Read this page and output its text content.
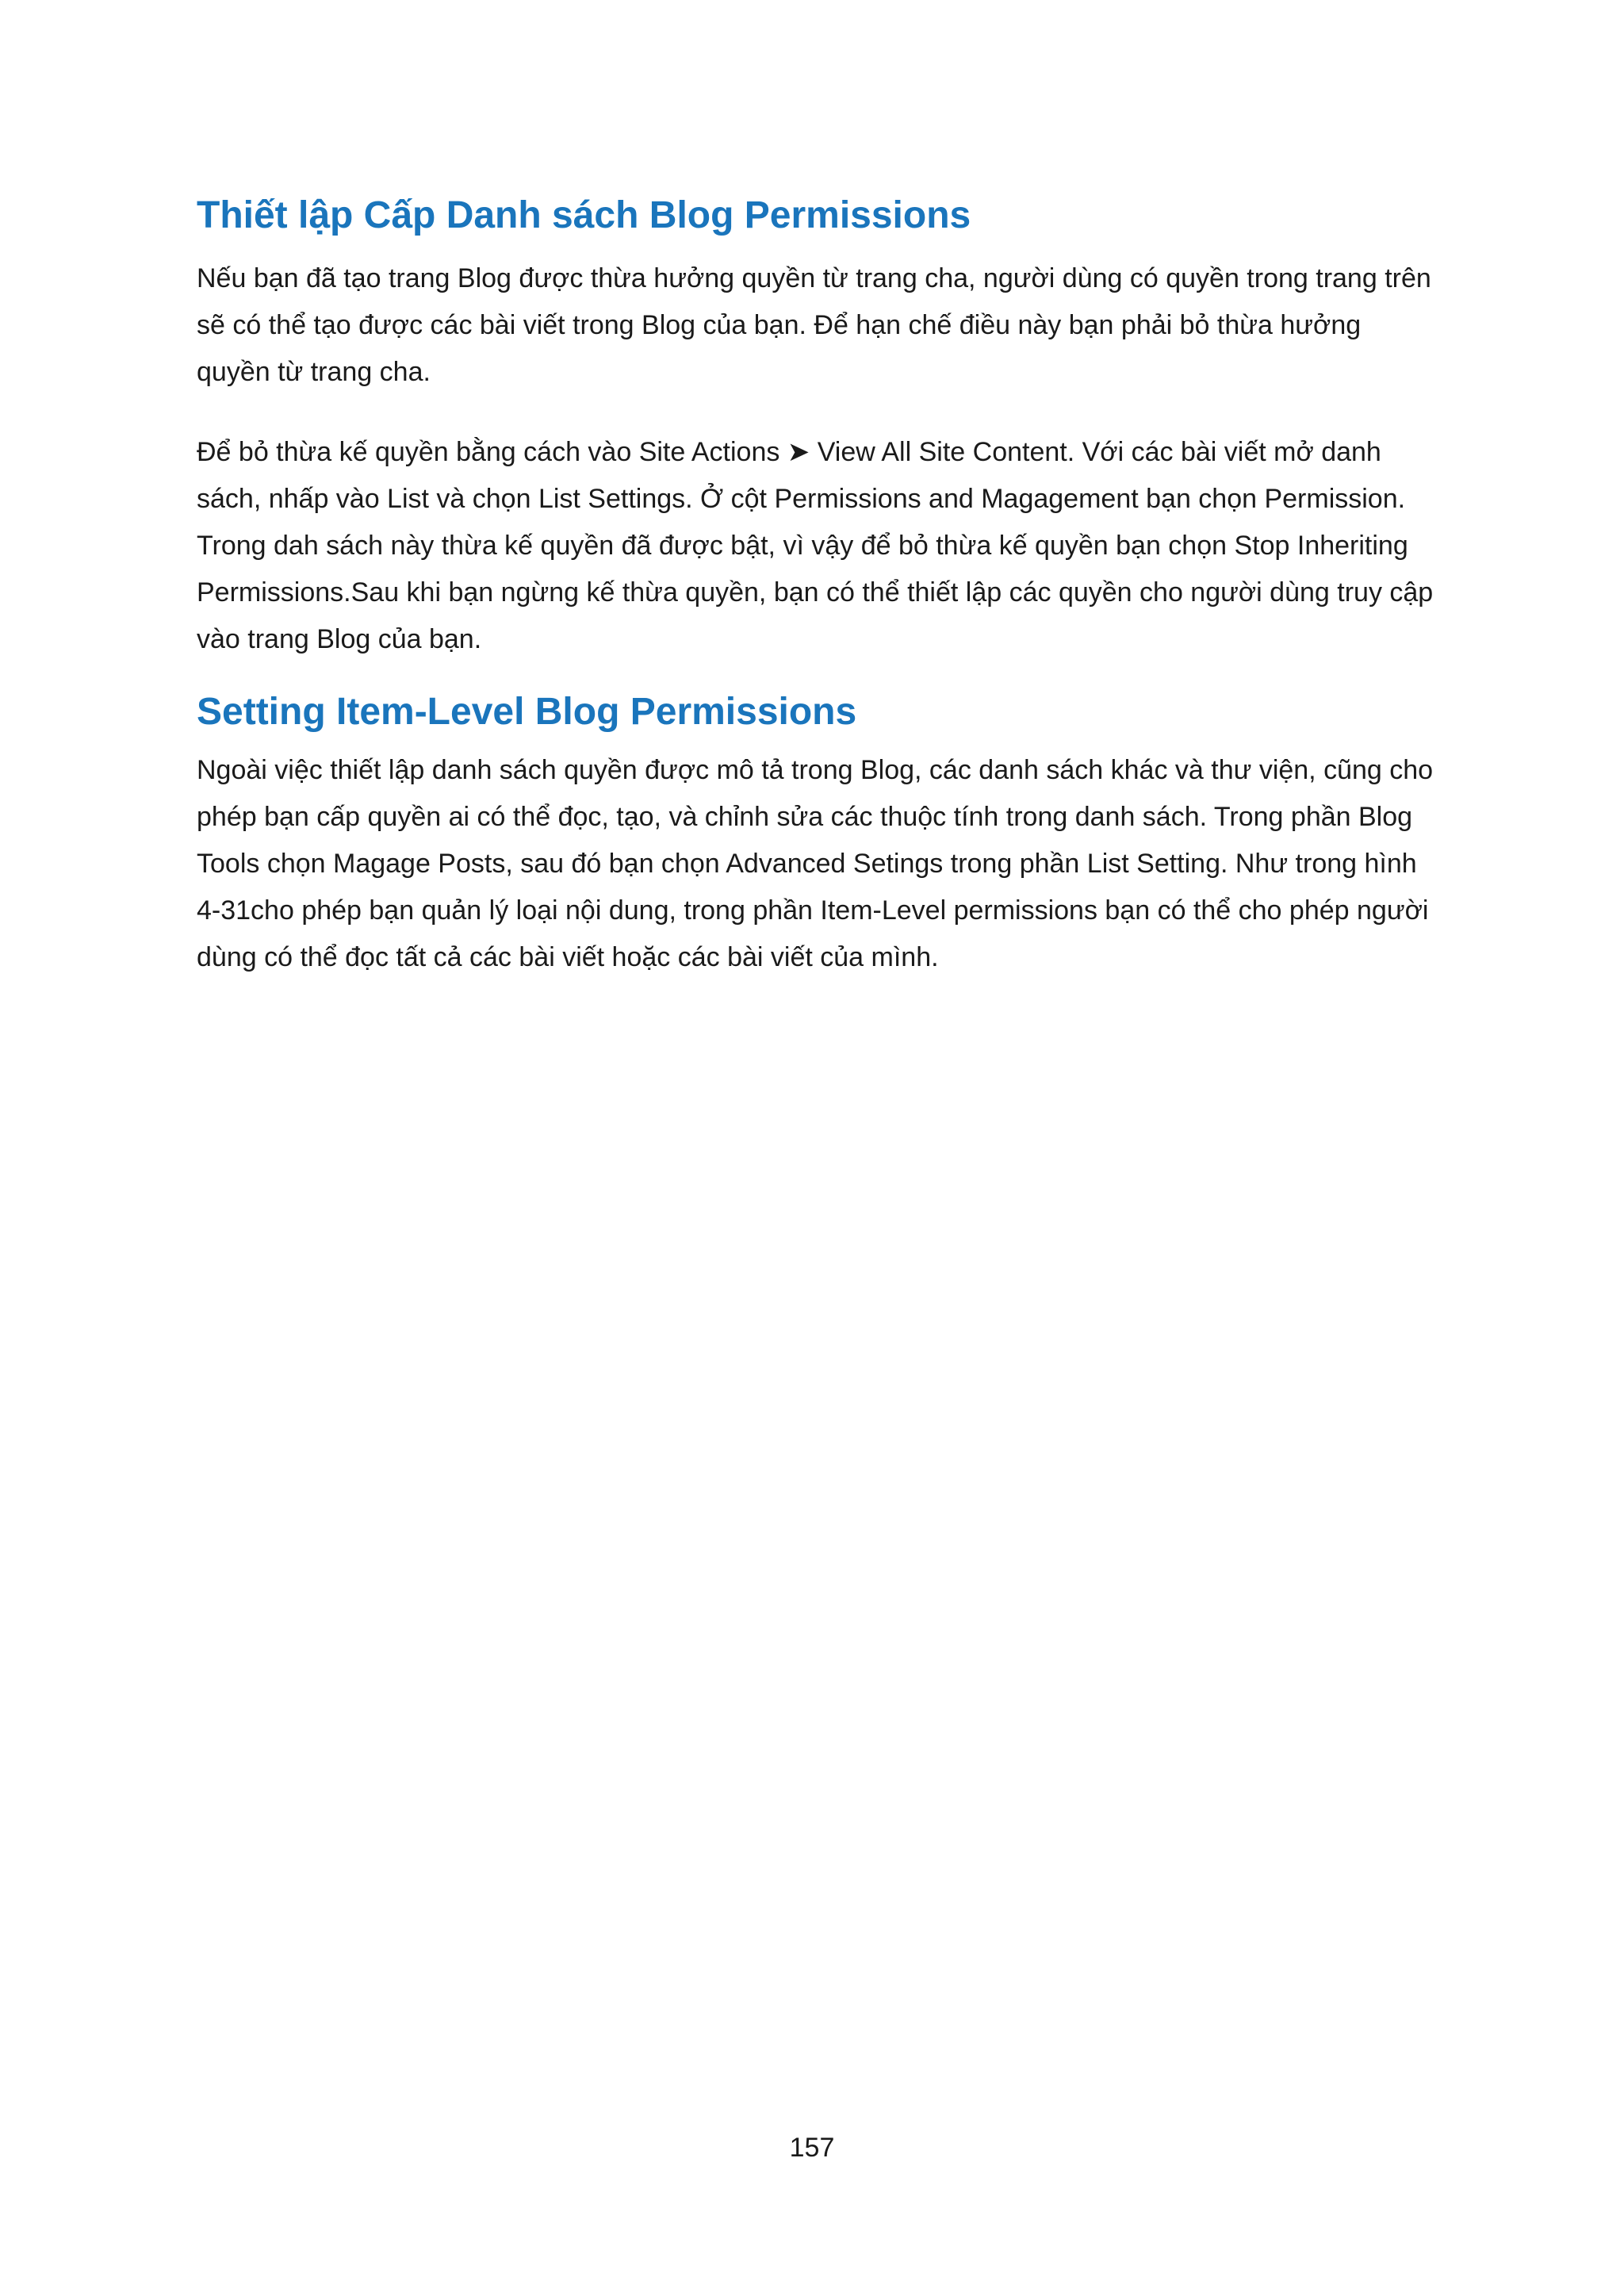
Thiết lập Cấp Danh sách Blog Permissions

Nếu bạn đã tạo trang Blog được thừa hưởng quyền từ trang cha, người dùng có quyền trong trang trên sẽ có thể tạo được các bài viết trong Blog của bạn. Để hạn chế điều này bạn phải bỏ thừa hưởng quyền từ trang cha.

Để bỏ thừa kế quyền bằng cách vào Site Actions ➤ View All Site Content. Với các bài viết mở danh sách, nhấp vào List và chọn List Settings. Ở cột Permissions and Magagement bạn chọn Permission. Trong dah sách này thừa kế quyền đã được bật, vì vậy để bỏ thừa kế quyền bạn chọn Stop Inheriting Permissions.Sau khi bạn ngừng kế thừa quyền, bạn có thể thiết lập các quyền cho người dùng truy cập vào trang Blog của bạn.

Setting Item-Level Blog Permissions

Ngoài việc thiết lập danh sách quyền được mô tả trong Blog, các danh sách khác và thư viện, cũng cho phép bạn cấp quyền ai có thể đọc, tạo, và chỉnh sửa các thuộc tính trong danh sách. Trong phần Blog Tools chọn Magage Posts, sau đó bạn chọn Advanced Setings trong phần List Setting. Như trong hình 4-31cho phép bạn quản lý loại nội dung, trong phần Item-Level permissions bạn có thể cho phép người dùng có thể đọc tất cả các bài viết hoặc các bài viết của mình.

157
